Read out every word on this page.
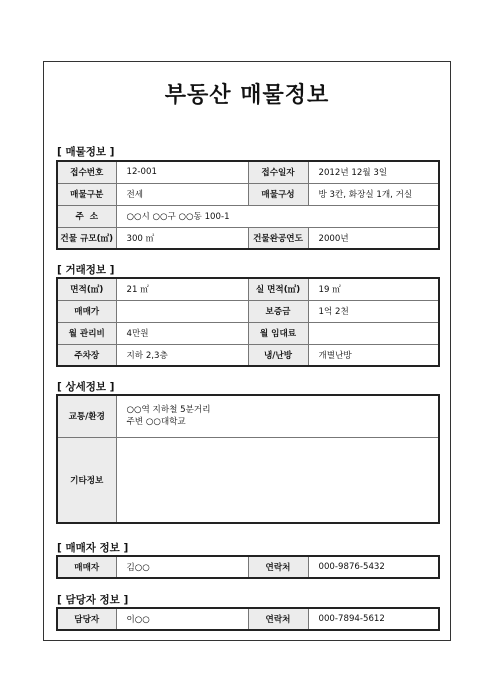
부동산 매물정보
[ 매물정보 ]
접수번호	12-001	접수일자	2012년 12월 3일
매물구분	전세	매물구성	방 3칸, 화장실 1개, 거실
주  소	○○시 ○○구 ○○동 100-1		
건물 규모(㎡)	300 ㎡	건물완공연도	2000년
[ 거래정보 ]
면적(㎡)	21 ㎡	실 면적(㎡)	19 ㎡
매매가		보증금	1억 2천
월 관리비	4만원	월 임대료	
주차장	지하 2,3층	냉/난방	개별난방
[ 상세정보 ]
교통/환경	○○역 지하철 5분거리
주변 ○○대학교

기타정보	
[ 매매자 정보 ]
매매자	김○○	연락처	000-9876-5432
[ 담당자 정보 ]
담당자	이○○	연락처	000-7894-5612
